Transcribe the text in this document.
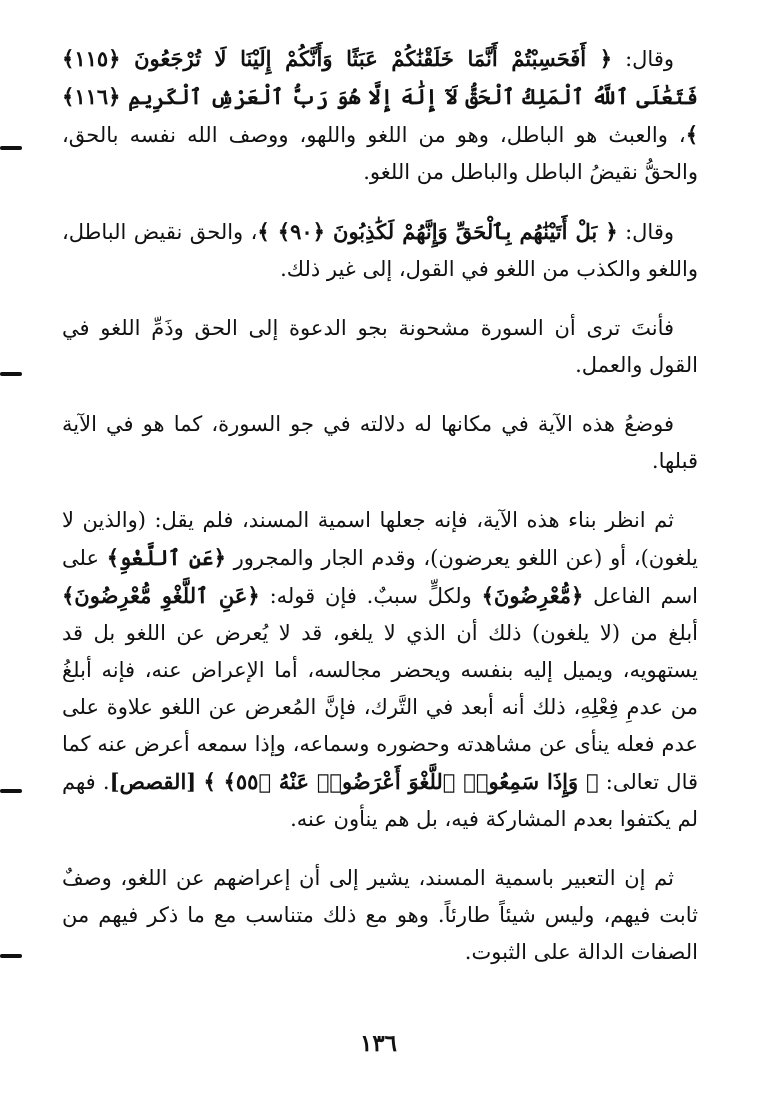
وقال: ﴿ أَفَحَسِبْتُمْ أَنَّمَا خَلَقْنَٰكُمْ عَبَثًا وَأَنَّكُمْ إِلَيْنَا لَا تُرْجَعُونَ ﴿١١٥﴾ فَتَعَٰلَى ٱللَّهُ ٱلْمَلِكُ ٱلْحَقُّ لَآ إِلَٰهَ إِلَّا هُوَ رَبُّ ٱلْعَرْشِ ٱلْكَرِيمِ ﴿١١٦﴾ ﴾، والعبث هو الباطل، وهو من اللغو واللهو، ووصف الله نفسه بالحق، والحقُّ نقيضُ الباطل والباطل من اللغو.

وقال: ﴿ بَلْ أَتَيْنَٰهُم بِٱلْحَقِّ وَإِنَّهُمْ لَكَٰذِبُونَ ﴿٩٠﴾ ﴾، والحق نقيض الباطل، واللغو والكذب من اللغو في القول، إلى غير ذلك.

فأنتَ ترى أن السورة مشحونة بجو الدعوة إلى الحق وذَمِّ اللغو في القول والعمل.

فوضعُ هذه الآية في مكانها له دلالته في جو السورة، كما هو في الآية قبلها.

ثم انظر بناء هذه الآية، فإنه جعلها اسمية المسند، فلم يقل: (والذين لا يلغون)، أو (عن اللغو يعرضون)، وقدم الجار والمجرور ﴿عَنِ ٱللَّغْوِ﴾ على اسم الفاعل ﴿مُّعْرِضُونَ﴾ ولكلٍّ سببٌ. فإن قوله: ﴿عَنِ ٱللَّغْوِ مُّعْرِضُونَ﴾ أبلغ من (لا يلغون) ذلك أن الذي لا يلغو، قد لا يُعرض عن اللغو بل قد يستهويه، ويميل إليه بنفسه ويحضر مجالسه، أما الإعراض عنه، فإنه أبلغُ من عدمِ فِعْلِهِ، ذلك أنه أبعد في التَّرك، فإنَّ المُعرض عن اللغو علاوة على عدم فعله ينأى عن مشاهدته وحضوره وسماعه، وإذا سمعه أعرض عنه كما قال تعالى: ﴿ وَإِذَا سَمِعُوا۟ ٱللَّغْوَ أَعْرَضُوا۟ عَنْهُ ﴿٥٥﴾ ﴾ [القصص]. فهم لم يكتفوا بعدم المشاركة فيه، بل هم ينأون عنه.

ثم إن التعبير باسمية المسند، يشير إلى أن إعراضهم عن اللغو، وصفٌ ثابت فيهم، وليس شيئاً طارئاً. وهو مع ذلك متناسب مع ما ذكر فيهم من الصفات الدالة على الثبوت.

١٣٦
